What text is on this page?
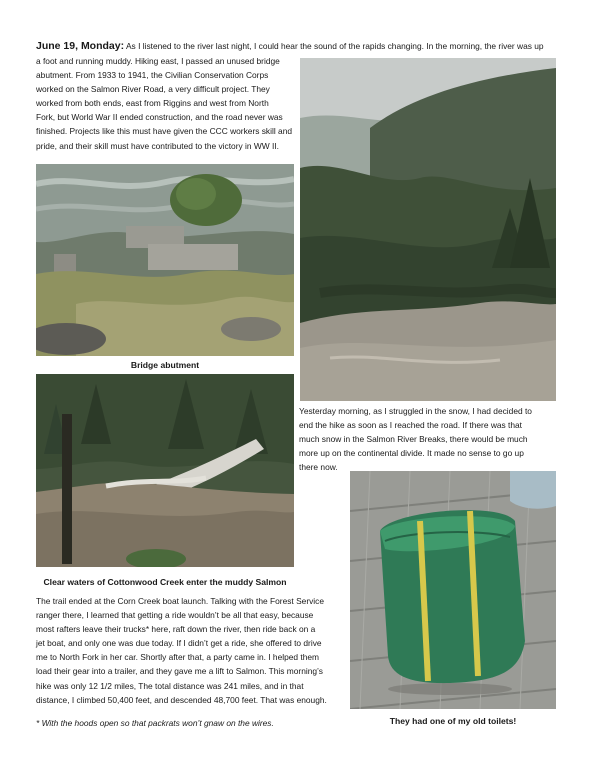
June 19, Monday: As I listened to the river last night, I could hear the sound of the rapids changing. In the morning, the river was up

a foot and running muddy. Hiking east, I passed an unused bridge
abutment. From 1933 to 1941, the Civilian Conservation Corps
worked on the Salmon River Road, a very difficult project. They
worked from both ends, east from Riggins and west from North
Fork, but World War II ended construction, and the road never was
finished. Projects like this must have given the CCC workers skill and
pride, and their skill must have contributed to the victory in WW II.
Bridge abutment
Clear waters of Cottonwood Creek enter the muddy Salmon
Yesterday morning, as I struggled in the snow, I had decided to
end the hike as soon as I reached the road. If there was that
much snow in the Salmon River Breaks, there would be much
more up on the continental divide. It made no sense to go up
there now.
The trail ended at the Corn Creek boat launch. Talking with the Forest Service
ranger there, I learned that getting a ride wouldn’t be all that easy, because
most rafters leave their trucks* here, raft down the river, then ride back on a
jet boat, and only one was due today. If I didn’t get a ride, she offered to drive
me to North Fork in her car. Shortly after that, a party came in. I helped them
load their gear into a trailer, and they gave me a lift to Salmon. This morning’s
hike was only 12 1/2 miles, The total distance was 241 miles, and in that
distance, I climbed 50,400 feet, and descended 48,700 feet. That was enough.
* With the hoods open so that packrats won’t gnaw on the wires.	They had one of my old toilets!
